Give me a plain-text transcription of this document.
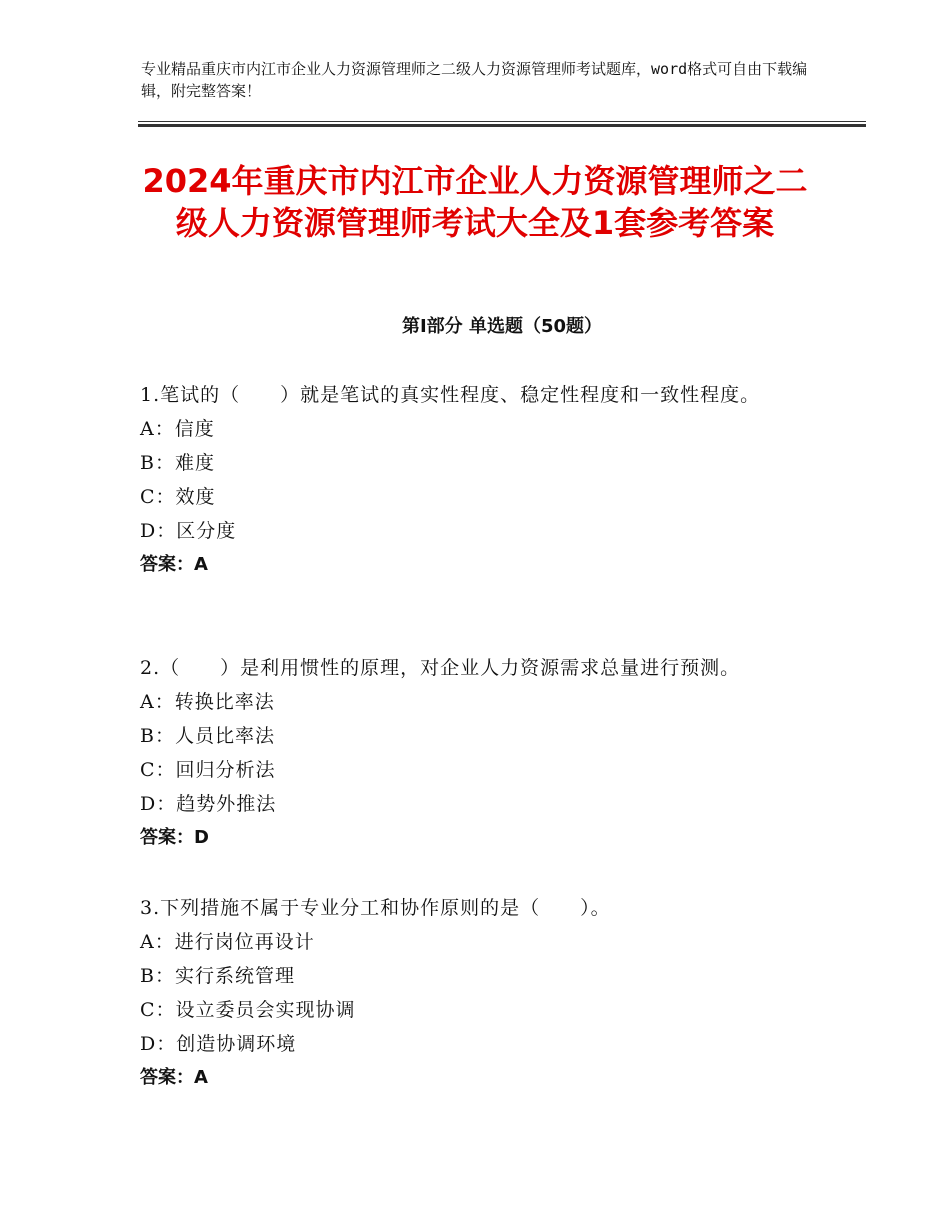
专业精品重庆市内江市企业人力资源管理师之二级人力资源管理师考试题库，word格式可自由下载编辑，附完整答案！
2024年重庆市内江市企业人力资源管理师之二级人力资源管理师考试大全及1套参考答案
第Ⅰ部分 单选题（50题）
1.笔试的（　　）就是笔试的真实性程度、稳定性程度和一致性程度。
A：信度
B：难度
C：效度
D：区分度
答案：A
2.（　　）是利用惯性的原理，对企业人力资源需求总量进行预测。
A：转换比率法
B：人员比率法
C：回归分析法
D：趋势外推法
答案：D
3.下列措施不属于专业分工和协作原则的是（　　）。
A：进行岗位再设计
B：实行系统管理
C：设立委员会实现协调
D：创造协调环境
答案：A
